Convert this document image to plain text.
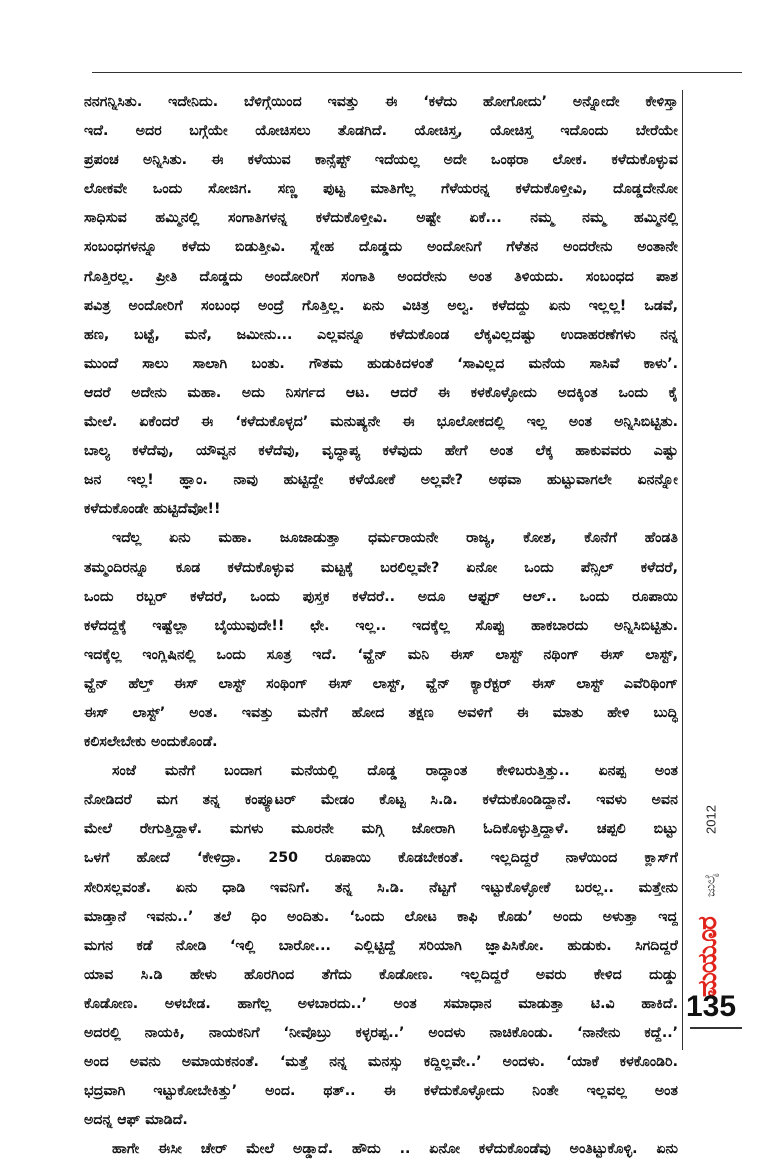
ನನಗನ್ನಿಸಿತು. ಇದೇನಿದು. ಬೆಳಿಗ್ಗೆಯಿಂದ ಇವತ್ತು ಈ ‘ಕಳೆದು ಹೋಗೋದು’ ಅನ್ನೋದೇ ಕೇಳಿಸ್ತಾ
ಇದೆ. ಅದರ ಬಗ್ಗೆಯೇ ಯೋಚಿಸಲು ತೊಡಗಿದೆ. ಯೋಚಿಸ್ತ, ಯೋಚಿಸ್ತ ಇದೊಂದು ಬೇರೆಯೇ
ಪ್ರಪಂಚ ಅನ್ನಿಸಿತು. ಈ ಕಳೆಯುವ ಕಾನ್ಸೆಪ್ಟ್ ಇದೆಯಲ್ಲ ಅದೇ ಒಂಥರಾ ಲೋಕ. ಕಳೆದುಕೊಳ್ಳುವ
ಲೋಕವೇ ಒಂದು ಸೋಜಿಗ. ಸಣ್ಣ ಪುಟ್ಟ ಮಾತಿಗೆಲ್ಲ ಗೆಳೆಯರನ್ನ ಕಳೆದುಕೊಳ್ತೀವಿ, ದೊಡ್ಡದೇನೋ
ಸಾಧಿಸುವ ಹಮ್ಮಿನಲ್ಲಿ ಸಂಗಾತಿಗಳನ್ನ ಕಳೆದುಕೊಳ್ತೀವಿ. ಅಷ್ಟೇ ಏಕೆ... ನಮ್ಮ ನಮ್ಮ ಹಮ್ಮಿನಲ್ಲಿ
ಸಂಬಂಧಗಳನ್ನೂ ಕಳೆದು ಬಿಡುತ್ತೀವಿ. ಸ್ನೇಹ ದೊಡ್ಡದು ಅಂದೋನಿಗೆ ಗೆಳೆತನ ಅಂದರೇನು ಅಂತಾನೇ
ಗೊತ್ತಿರಲ್ಲ. ಪ್ರೀತಿ ದೊಡ್ಡದು ಅಂದೋರಿಗೆ ಸಂಗಾತಿ ಅಂದರೇನು ಅಂತ ತಿಳಿಯದು. ಸಂಬಂಧದ ಪಾಶ
ಪವಿತ್ರ ಅಂದೋರಿಗೆ ಸಂಬಂಧ ಅಂದ್ರೆ ಗೊತ್ತಿಲ್ಲ. ಏನು ವಿಚಿತ್ರ ಅಲ್ವ. ಕಳೆದದ್ದು ಏನು ಇಲ್ಲಲ್ಲ! ಒಡವೆ,
ಹಣ, ಬಟ್ಟೆ, ಮನೆ, ಜಮೀನು... ಎಲ್ಲವನ್ನೂ ಕಳೆದುಕೊಂಡ ಲೆಕ್ಕವಿಲ್ಲದಷ್ಟು ಉದಾಹರಣೆಗಳು ನನ್ನ
ಮುಂದೆ ಸಾಲು ಸಾಲಾಗಿ ಬಂತು. ಗೌತಮ ಹುಡುಕಿದಳಂತೆ ‘ಸಾವಿಲ್ಲದ ಮನೆಯ ಸಾಸಿವೆ ಕಾಳು’.
ಆದರೆ ಅದೇನು ಮಹಾ. ಅದು ನಿಸರ್ಗದ ಆಟ. ಆದರೆ ಈ ಕಳಕೊಳ್ಳೋದು ಅದಕ್ಕಿಂತ ಒಂದು ಕೈ
ಮೇಲೆ. ಏಕೆಂದರೆ ಈ ‘ಕಳೆದುಕೊಳ್ಳದ’ ಮನುಷ್ಯನೇ ಈ ಭೂಲೋಕದಲ್ಲಿ ಇಲ್ಲ ಅಂತ ಅನ್ನಿಸಿಬಿಟ್ಟಿತು.
ಬಾಲ್ಯ ಕಳೆದೆವು, ಯೌವ್ವನ ಕಳೆದೆವು, ವೃದ್ಧಾಪ್ಯ ಕಳೆವುದು ಹೇಗೆ ಅಂತ ಲೆಕ್ಕ ಹಾಕುವವರು ಎಷ್ಟು
ಜನ ಇಲ್ಲ! ಹ್ಞಾಂ. ನಾವು ಹುಟ್ಟಿದ್ದೇ ಕಳೆಯೋಕೆ ಅಲ್ಲವೇ? ಅಥವಾ ಹುಟ್ಟುವಾಗಲೇ ಏನನ್ನೋ
ಕಳೆದುಕೊಂಡೇ ಹುಟ್ಟಿದೆವೋ!!
ಇದೆಲ್ಲ ಏನು ಮಹಾ. ಜೂಜಾಡುತ್ತಾ ಧರ್ಮರಾಯನೇ ರಾಜ್ಯ, ಕೋಶ, ಕೊನೆಗೆ ಹೆಂಡತಿ
ತಮ್ಮಂದಿರನ್ನೂ ಕೂಡ ಕಳೆದುಕೊಳ್ಳುವ ಮಟ್ಟಕ್ಕೆ ಬರಲಿಲ್ಲವೇ? ಏನೋ ಒಂದು ಪೆನ್ಸಿಲ್ ಕಳೆದರೆ,
ಒಂದು ರಬ್ಬರ್ ಕಳೆದರೆ, ಒಂದು ಪುಸ್ತಕ ಕಳೆದರೆ.. ಅದೂ ಆಫ್ಟರ್ ಆಲ್.. ಒಂದು ರೂಪಾಯಿ
ಕಳೆದದ್ದಕ್ಕೆ ಇಷ್ಟೆಲ್ಲಾ ಬೈಯುವುದೇ!! ಛೇ. ಇಲ್ಲ.. ಇದಕ್ಕೆಲ್ಲ ಸೊಪ್ಪು ಹಾಕಬಾರದು ಅನ್ನಿಸಿಬಿಟ್ಟಿತು.
ಇದಕ್ಕೆಲ್ಲ ಇಂಗ್ಲಿಷಿನಲ್ಲಿ ಒಂದು ಸೂತ್ರ ಇದೆ. ‘ವ್ಹೆನ್ ಮನಿ ಈಸ್ ಲಾಸ್ಟ್ ನಥಿಂಗ್ ಈಸ್ ಲಾಸ್ಟ್,
ವ್ಹೆನ್ ಹೆಲ್ತ್ ಈಸ್ ಲಾಸ್ಟ್ ಸಂಥಿಂಗ್ ಈಸ್ ಲಾಸ್ಟ್, ವ್ಹೆನ್ ಕ್ಯಾರೆಕ್ಟರ್ ಈಸ್ ಲಾಸ್ಟ್ ಎವೆರಿಥಿಂಗ್
ಈಸ್ ಲಾಸ್ಟ್’ ಅಂತ. ಇವತ್ತು ಮನೆಗೆ ಹೋದ ತಕ್ಷಣ ಅವಳಿಗೆ ಈ ಮಾತು ಹೇಳಿ ಬುದ್ಧಿ
ಕಲಿಸಲೇಬೇಕು ಅಂದುಕೊಂಡೆ.
ಸಂಜೆ ಮನೆಗೆ ಬಂದಾಗ ಮನೆಯಲ್ಲಿ ದೊಡ್ಡ ರಾದ್ಧಾಂತ ಕೇಳಿಬರುತ್ತಿತ್ತು.. ಏನಪ್ಪ ಅಂತ
ನೋಡಿದರೆ ಮಗ ತನ್ನ ಕಂಪ್ಯೂಟರ್ ಮೇಡಂ ಕೊಟ್ಟ ಸಿ.ಡಿ. ಕಳೆದುಕೊಂಡಿದ್ದಾನೆ. ಇವಳು ಅವನ
ಮೇಲೆ ರೇಗುತ್ತಿದ್ದಾಳೆ. ಮಗಳು ಮೂರನೇ ಮಗ್ಗಿ ಜೋರಾಗಿ ಓದಿಕೊಳ್ಳುತ್ತಿದ್ದಾಳೆ. ಚಪ್ಪಲಿ ಬಿಟ್ಟು
ಒಳಗೆ ಹೋದೆ ‘ಕೇಳಿದ್ರಾ. 250 ರೂಪಾಯಿ ಕೊಡಬೇಕಂತೆ. ಇಲ್ಲದಿದ್ದರೆ ನಾಳೆಯಿಂದ ಕ್ಲಾಸ್‌ಗೆ
ಸೇರಿಸಲ್ಲವಂತೆ. ಏನು ಧಾಡಿ ಇವನಿಗೆ. ತನ್ನ ಸಿ.ಡಿ. ನೆಟ್ಟಗೆ ಇಟ್ಟುಕೊಳ್ಳೋಕೆ ಬರಲ್ಲ.. ಮತ್ತೇನು
ಮಾಡ್ತಾನೆ ಇವನು..’ ತಲೆ ಧಿಂ ಅಂದಿತು. ‘ಒಂದು ಲೋಟ ಕಾಫಿ ಕೊಡು’ ಅಂದು ಅಳುತ್ತಾ ಇದ್ದ
ಮಗನ ಕಡೆ ನೋಡಿ ‘ಇಲ್ಲಿ ಬಾರೋ... ಎಲ್ಲಿಟ್ಟಿದ್ದೆ ಸರಿಯಾಗಿ ಜ್ಞಾಪಿಸಿಕೋ. ಹುಡುಕು. ಸಿಗದಿದ್ದರೆ
ಯಾವ ಸಿ.ಡಿ ಹೇಳು ಹೊರಗಿಂದ ತೆಗೆದು ಕೊಡೋಣ. ಇಲ್ಲದಿದ್ದರೆ ಅವರು ಕೇಳಿದ ದುಡ್ಡು
ಕೊಡೋಣ. ಅಳಬೇಡ. ಹಾಗೆಲ್ಲ ಅಳಬಾರದು..’ ಅಂತ ಸಮಾಧಾನ ಮಾಡುತ್ತಾ ಟಿ.ವಿ ಹಾಕಿದೆ.
ಅದರಲ್ಲಿ ನಾಯಕಿ, ನಾಯಕನಿಗೆ ‘ನೀವೊಬ್ರು ಕಳ್ಳರಪ್ಪ..’ ಅಂದಳು ನಾಚಿಕೊಂಡು. ‘ನಾನೇನು ಕದ್ದೆ..’
ಅಂದ ಅವನು ಅಮಾಯಕನಂತೆ. ‘ಮತ್ತೆ ನನ್ನ ಮನಸ್ಸು ಕದ್ದಿಲ್ಲವೇ..’ ಅಂದಳು. ‘ಯಾಕೆ ಕಳಕೊಂಡಿರಿ.
ಭದ್ರವಾಗಿ ಇಟ್ಟುಕೋಬೇಕಿತ್ತು’ ಅಂದ. ಥತ್.. ಈ ಕಳೆದುಕೊಳ್ಳೋದು ನಿಂತೇ ಇಲ್ಲವಲ್ಲ ಅಂತ
ಅದನ್ನ ಆಫ್ ಮಾಡಿದೆ.
ಹಾಗೇ ಈಸೀ ಚೇರ್ ಮೇಲೆ ಅಡ್ಡಾದೆ. ಹೌದು .. ಏನೋ ಕಳೆದುಕೊಂಡೆವು ಅಂತಿಟ್ಟುಕೊಳ್ಳಿ. ಏನು
2012
ಜುಲೈ
ಮಯೂರ
135
